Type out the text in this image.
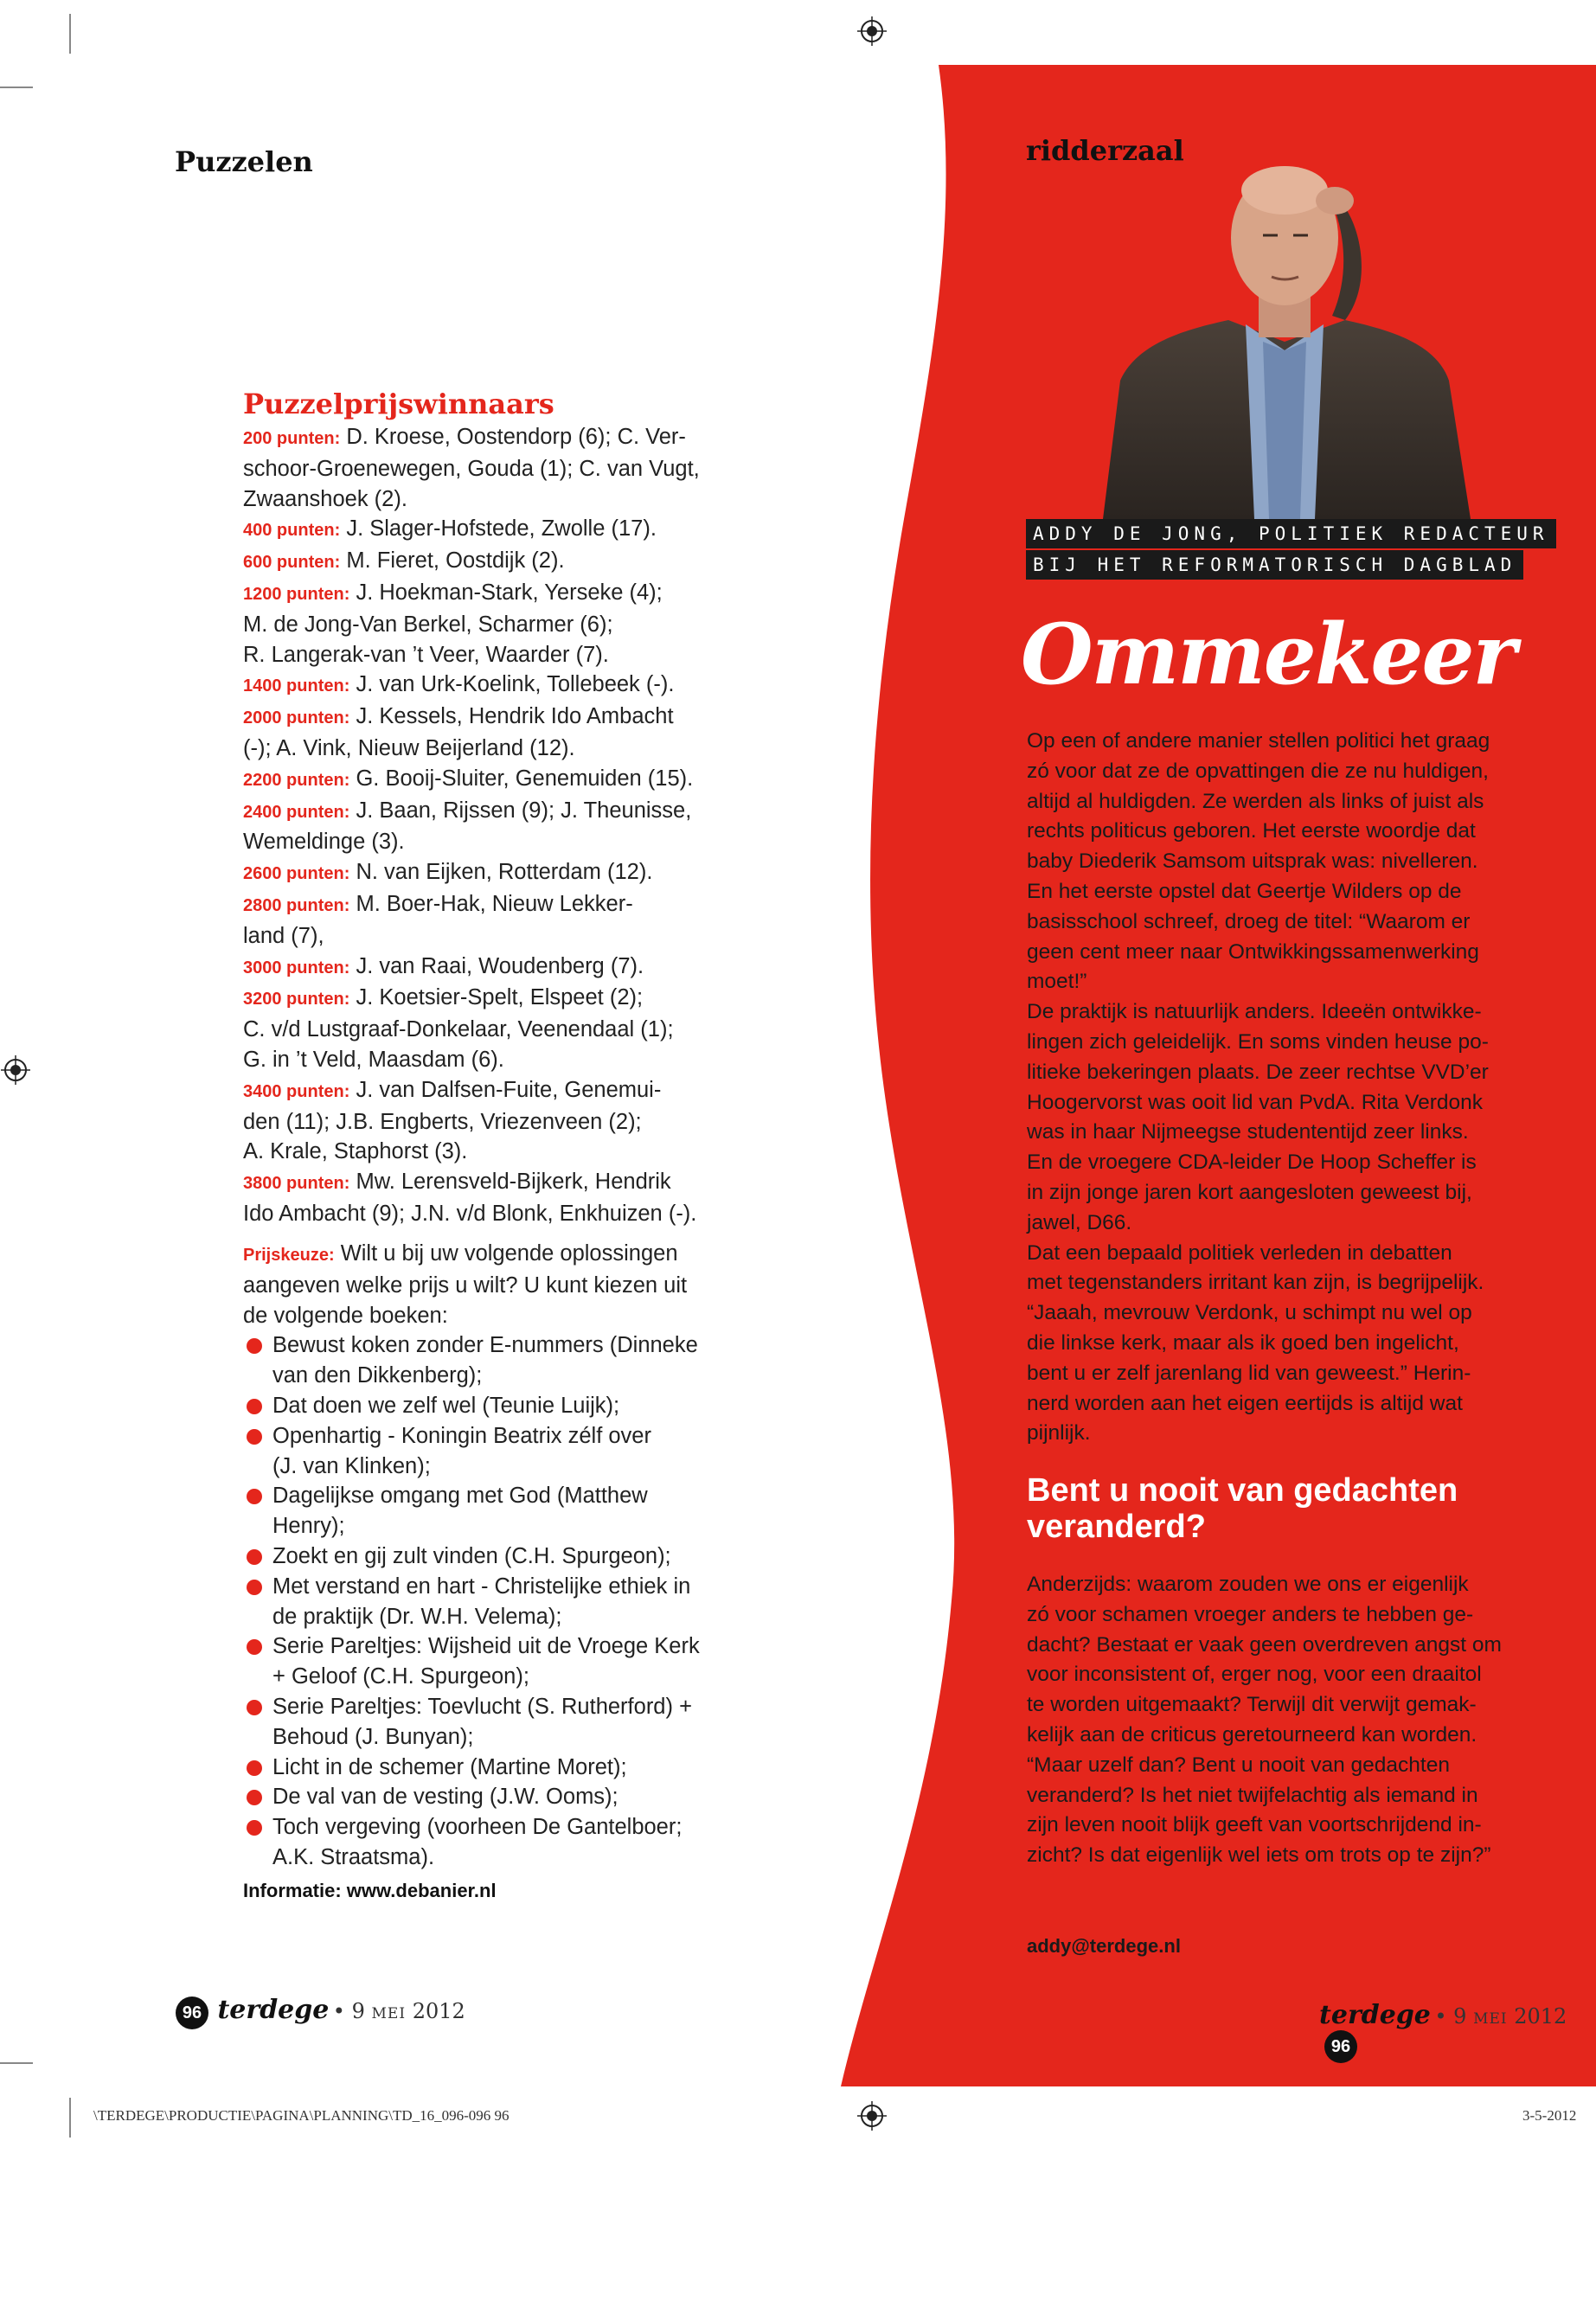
Puzzelen
Puzzelprijswinnaars
200 punten: D. Kroese, Oostendorp (6); C. Ver-
schoor-Groenewegen, Gouda (1); C. van Vugt,
Zwaanshoek (2).
400 punten: J. Slager-Hofstede, Zwolle (17).
600 punten: M. Fieret, Oostdijk (2).
1200 punten: J. Hoekman-Stark, Yerseke (4);
M. de Jong-Van Berkel, Scharmer (6);
R. Langerak-van ’t Veer, Waarder (7).
1400 punten: J. van Urk-Koelink, Tollebeek (-).
2000 punten: J. Kessels, Hendrik Ido Ambacht
(-); A. Vink, Nieuw Beijerland (12).
2200 punten: G. Booij-Sluiter, Genemuiden (15).
2400 punten: J. Baan, Rijssen (9); J. Theunisse,
Wemeldinge (3).
2600 punten: N. van Eijken, Rotterdam (12).
2800 punten: M. Boer-Hak, Nieuw Lekker-
land (7),
3000 punten: J. van Raai, Woudenberg (7).
3200 punten: J. Koetsier-Spelt, Elspeet (2);
C. v/d Lustgraaf-Donkelaar, Veenendaal (1);
G. in ’t Veld, Maasdam (6).
3400 punten: J. van Dalfsen-Fuite, Genemui-
den (11); J.B. Engberts, Vriezenveen (2);
A. Krale, Staphorst (3).
3800 punten: Mw. Lerensveld-Bijkerk, Hendrik
Ido Ambacht (9); J.N. v/d Blonk, Enkhuizen (-).
Prijskeuze: Wilt u bij uw volgende oplossingen
aangeven welke prijs u wilt? U kunt kiezen uit
de volgende boeken:
Bewust koken zonder E-nummers (Dinneke
van den Dikkenberg);
Dat doen we zelf wel (Teunie Luijk);
Openhartig - Koningin Beatrix zélf over
(J. van Klinken);
Dagelijkse omgang met God (Matthew
Henry);
Zoekt en gij zult vinden (C.H. Spurgeon);
Met verstand en hart - Christelijke ethiek in
de praktijk (Dr. W.H. Velema);
Serie Pareltjes: Wijsheid uit de Vroege Kerk
+ Geloof (C.H. Spurgeon);
Serie Pareltjes: Toevlucht (S. Rutherford) +
Behoud (J. Bunyan);
Licht in de schemer (Martine Moret);
De val van de vesting (J.W. Ooms);
Toch vergeving (voorheen De Gantelboer;
A.K. Straatsma).
Informatie: www.debanier.nl
ridderzaal
ADDY DE JONG, POLITIEK REDACTEUR
BIJ HET REFORMATORISCH DAGBLAD
Ommekeer
Op een of andere manier stellen politici het graag
zó voor dat ze de opvattingen die ze nu huldigen,
altijd al huldigden. Ze werden als links of juist als
rechts politicus geboren. Het eerste woordje dat
baby Diederik Samsom uitsprak was: nivelleren.
En het eerste opstel dat Geertje Wilders op de
basisschool schreef, droeg de titel: “Waarom er
geen cent meer naar Ontwikkingssamenwerking
moet!”
De praktijk is natuurlijk anders. Ideeën ontwikke-
lingen zich geleidelijk. En soms vinden heuse po-
litieke bekeringen plaats. De zeer rechtse VVD’er
Hoogervorst was ooit lid van PvdA. Rita Verdonk
was in haar Nijmeegse studententijd zeer links.
En de vroegere CDA-leider De Hoop Scheffer is
in zijn jonge jaren kort aangesloten geweest bij,
jawel, D66.
Dat een bepaald politiek verleden in debatten
met tegenstanders irritant kan zijn, is begrijpelijk.
“Jaaah, mevrouw Verdonk, u schimpt nu wel op
die linkse kerk, maar als ik goed ben ingelicht,
bent u er zelf jarenlang lid van geweest.” Herin-
nerd worden aan het eigen eertijds is altijd wat
pijnlijk.
Bent u nooit van gedachten
veranderd?
Anderzijds: waarom zouden we ons er eigenlijk
zó voor schamen vroeger anders te hebben ge-
dacht? Bestaat er vaak geen overdreven angst om
voor inconsistent of, erger nog, voor een draaitol
te worden uitgemaakt? Terwijl dit verwijt gemak-
kelijk aan de criticus geretourneerd kan worden.
“Maar uzelf dan? Bent u nooit van gedachten
veranderd? Is het niet twijfelachtig als iemand in
zijn leven nooit blijk geeft van voortschrijdend in-
zicht? Is dat eigenlijk wel iets om trots op te zijn?”
addy@terdege.nl
96 terdege • 9 MEI 2012	terdege • 9 MEI 2012 96
\TERDEGE\PRODUCTIE\PAGINA\PLANNING\TD_16_096-096 96	3-5-2012
